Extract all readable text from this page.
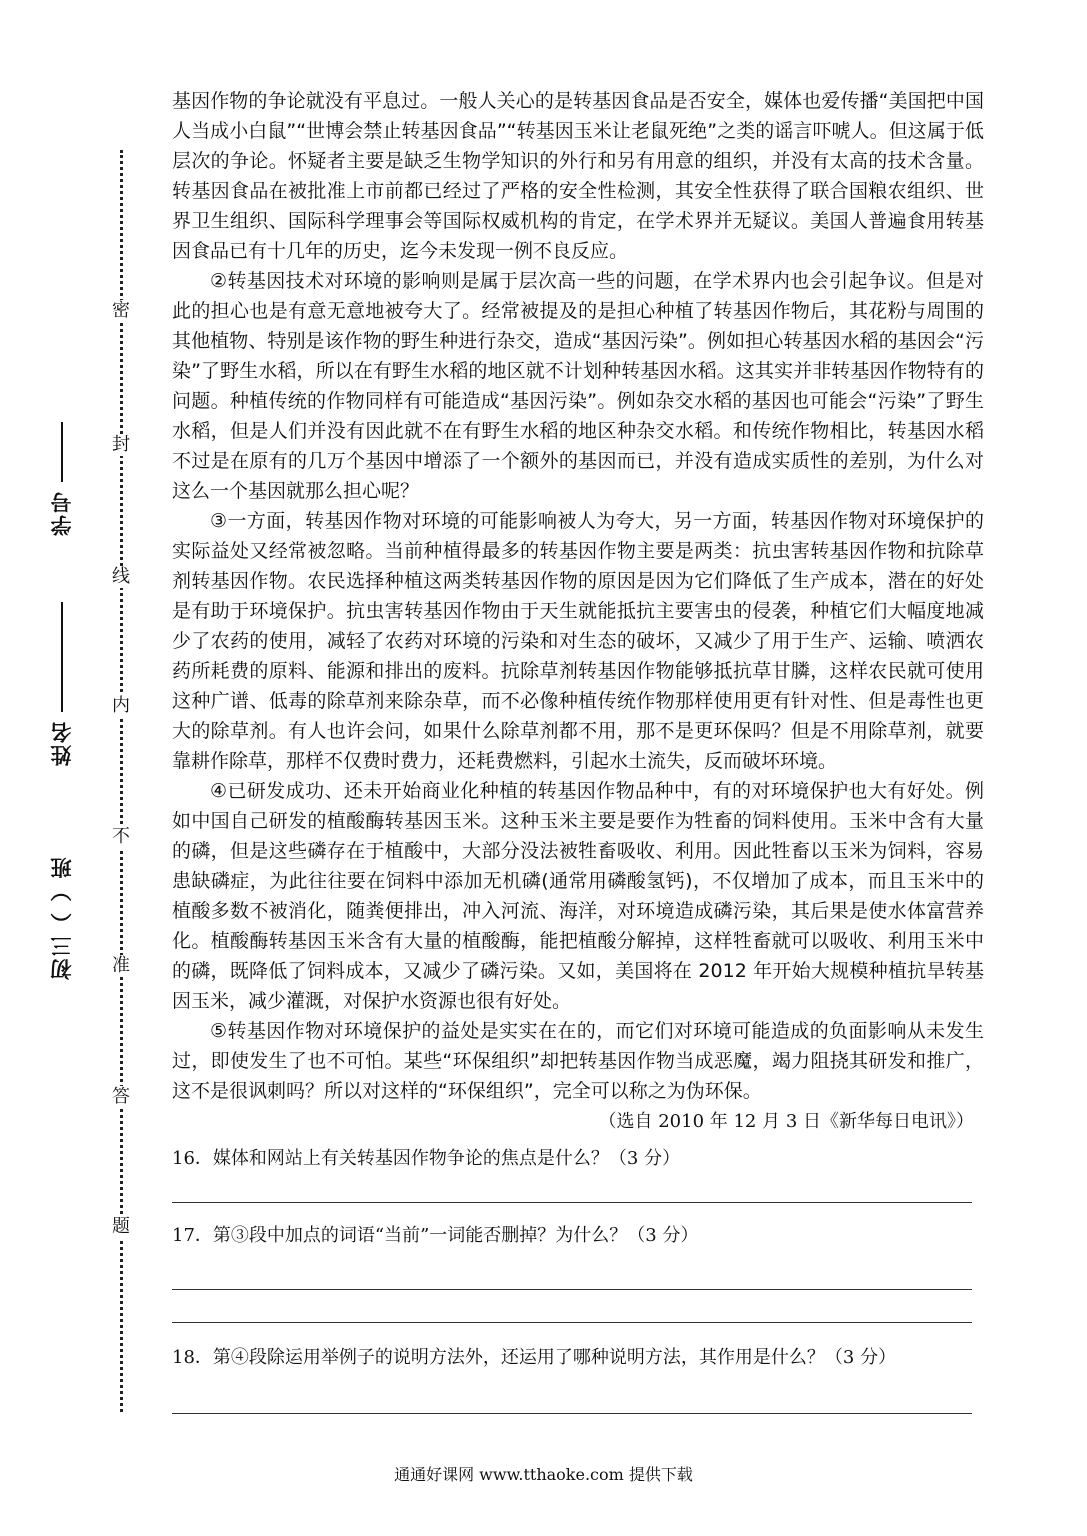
密
封
线
内
不
准
答
题
学号
姓名
初三（ ）班

基因作物的争论就没有平息过。一般人关心的是转基因食品是否安全，媒体也爱传播“美国把中国人当成小白鼠”“世博会禁止转基因食品”“转基因玉米让老鼠死绝”之类的谣言吓唬人。但这属于低层次的争论。怀疑者主要是缺乏生物学知识的外行和另有用意的组织，并没有太高的技术含量。转基因食品在被批准上市前都已经过了严格的安全性检测，其安全性获得了联合国粮农组织、世界卫生组织、国际科学理事会等国际权威机构的肯定，在学术界并无疑议。美国人普遍食用转基因食品已有十几年的历史，迄今未发现一例不良反应。

②转基因技术对环境的影响则是属于层次高一些的问题，在学术界内也会引起争议。但是对此的担心也是有意无意地被夸大了。经常被提及的是担心种植了转基因作物后，其花粉与周围的其他植物、特别是该作物的野生种进行杂交，造成“基因污染”。例如担心转基因水稻的基因会“污染”了野生水稻，所以在有野生水稻的地区就不计划种转基因水稻。这其实并非转基因作物特有的问题。种植传统的作物同样有可能造成“基因污染”。例如杂交水稻的基因也可能会“污染”了野生水稻，但是人们并没有因此就不在有野生水稻的地区种杂交水稻。和传统作物相比，转基因水稻不过是在原有的几万个基因中增添了一个额外的基因而已，并没有造成实质性的差别，为什么对这么一个基因就那么担心呢？

③一方面，转基因作物对环境的可能影响被人为夸大，另一方面，转基因作物对环境保护的实际益处又经常被忽略。当前种植得最多的转基因作物主要是两类：抗虫害转基因作物和抗除草剂转基因作物。农民选择种植这两类转基因作物的原因是因为它们降低了生产成本，潜在的好处是有助于环境保护。抗虫害转基因作物由于天生就能抵抗主要害虫的侵袭，种植它们大幅度地减少了农药的使用，减轻了农药对环境的污染和对生态的破坏，又减少了用于生产、运输、喷洒农药所耗费的原料、能源和排出的废料。抗除草剂转基因作物能够抵抗草甘膦，这样农民就可使用这种广谱、低毒的除草剂来除杂草，而不必像种植传统作物那样使用更有针对性、但是毒性也更大的除草剂。有人也许会问，如果什么除草剂都不用，那不是更环保吗？但是不用除草剂，就要靠耕作除草，那样不仅费时费力，还耗费燃料，引起水土流失，反而破坏环境。

④已研发成功、还未开始商业化种植的转基因作物品种中，有的对环境保护也大有好处。例如中国自己研发的植酸酶转基因玉米。这种玉米主要是要作为牲畜的饲料使用。玉米中含有大量的磷，但是这些磷存在于植酸中，大部分没法被牲畜吸收、利用。因此牲畜以玉米为饲料，容易患缺磷症，为此往往要在饲料中添加无机磷(通常用磷酸氢钙)，不仅增加了成本，而且玉米中的植酸多数不被消化，随粪便排出，冲入河流、海洋，对环境造成磷污染，其后果是使水体富营养化。植酸酶转基因玉米含有大量的植酸酶，能把植酸分解掉，这样牲畜就可以吸收、利用玉米中的磷，既降低了饲料成本，又减少了磷污染。又如，美国将在 2012 年开始大规模种植抗旱转基因玉米，减少灌溉，对保护水资源也很有好处。

⑤转基因作物对环境保护的益处是实实在在的，而它们对环境可能造成的负面影响从未发生过，即使发生了也不可怕。某些“环保组织”却把转基因作物当成恶魔，竭力阻挠其研发和推广，这不是很讽刺吗？所以对这样的“环保组织”，完全可以称之为伪环保。

（选自 2010 年 12 月 3 日《新华每日电讯》）

16．媒体和网站上有关转基因作物争论的焦点是什么？（3 分）

17．第③段中加点的词语“当前”一词能否删掉？为什么？（3 分）

18．第④段除运用举例子的说明方法外，还运用了哪种说明方法，其作用是什么？（3 分）

通通好课网 www.tthaoke.com 提供下载
